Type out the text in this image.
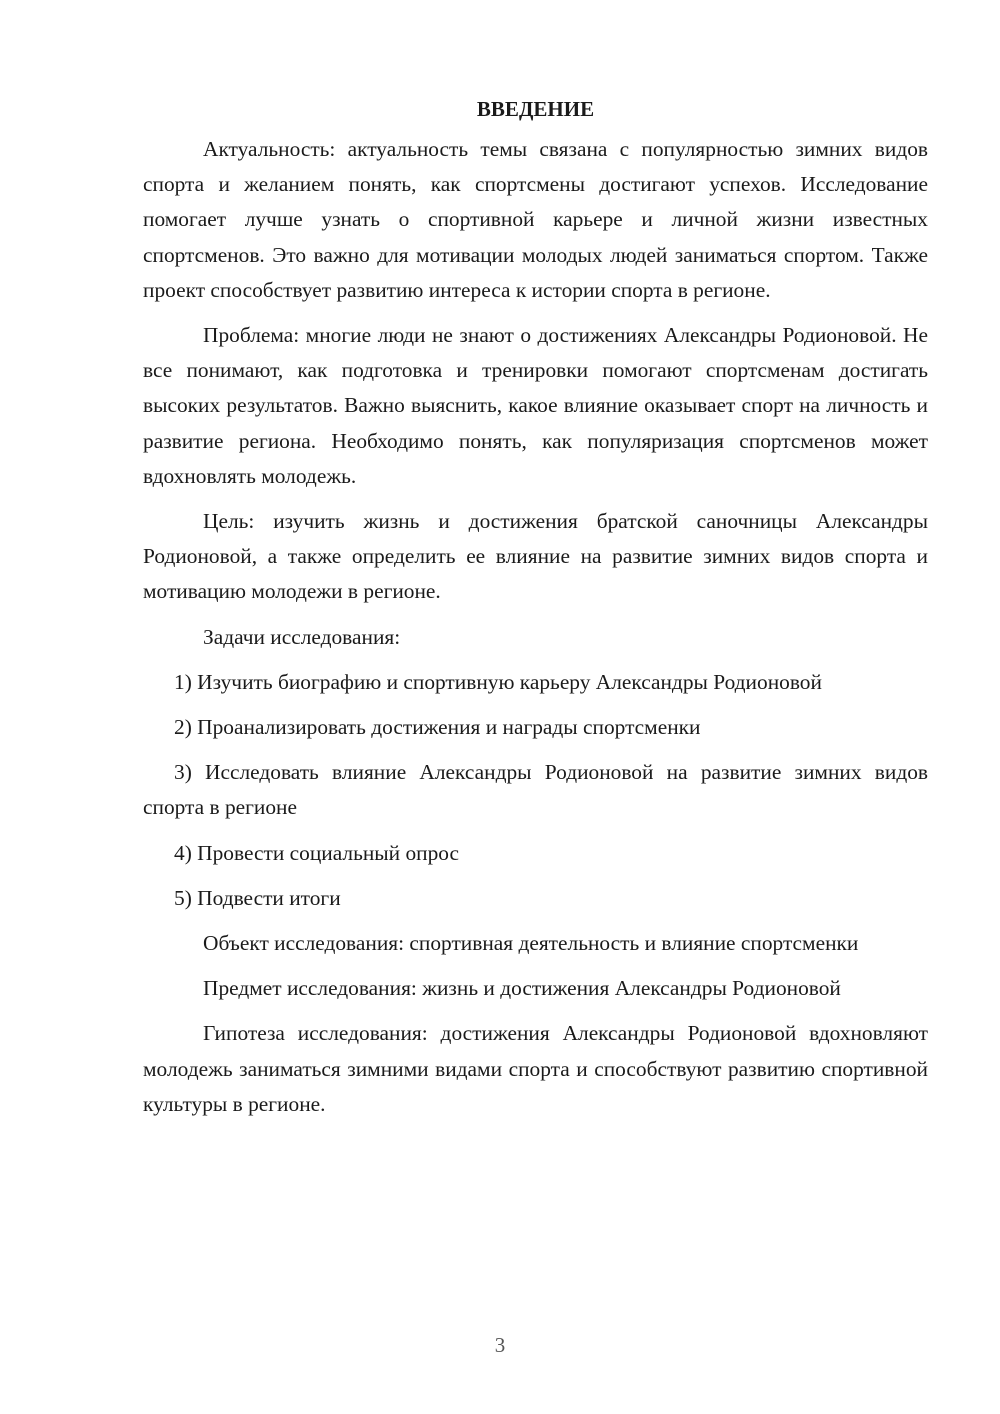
ВВЕДЕНИЕ

Актуальность: актуальность темы связана с популярностью зимних видов спорта и желанием понять, как спортсмены достигают успехов. Исследование помогает лучше узнать о спортивной карьере и личной жизни известных спортсменов. Это важно для мотивации молодых людей заниматься спортом. Также проект способствует развитию интереса к истории спорта в регионе.

Проблема: многие люди не знают о достижениях Александры Родионовой. Не все понимают, как подготовка и тренировки помогают спортсменам достигать высоких результатов. Важно выяснить, какое влияние оказывает спорт на личность и развитие региона. Необходимо понять, как популяризация спортсменов может вдохновлять молодежь.

Цель: изучить жизнь и достижения братской саночницы Александры Родионовой, а также определить ее влияние на развитие зимних видов спорта и мотивацию молодежи в регионе.

Задачи исследования:

1) Изучить биографию и спортивную карьеру Александры Родионовой

2) Проанализировать достижения и награды спортсменки

3) Исследовать влияние Александры Родионовой на развитие зимних видов спорта в регионе

4) Провести социальный опрос

5) Подвести итоги

Объект исследования: спортивная деятельность и влияние спортсменки

Предмет исследования: жизнь и достижения Александры Родионовой

Гипотеза исследования: достижения Александры Родионовой вдохновляют молодежь заниматься зимними видами спорта и способствуют развитию спортивной культуры в регионе.

3
